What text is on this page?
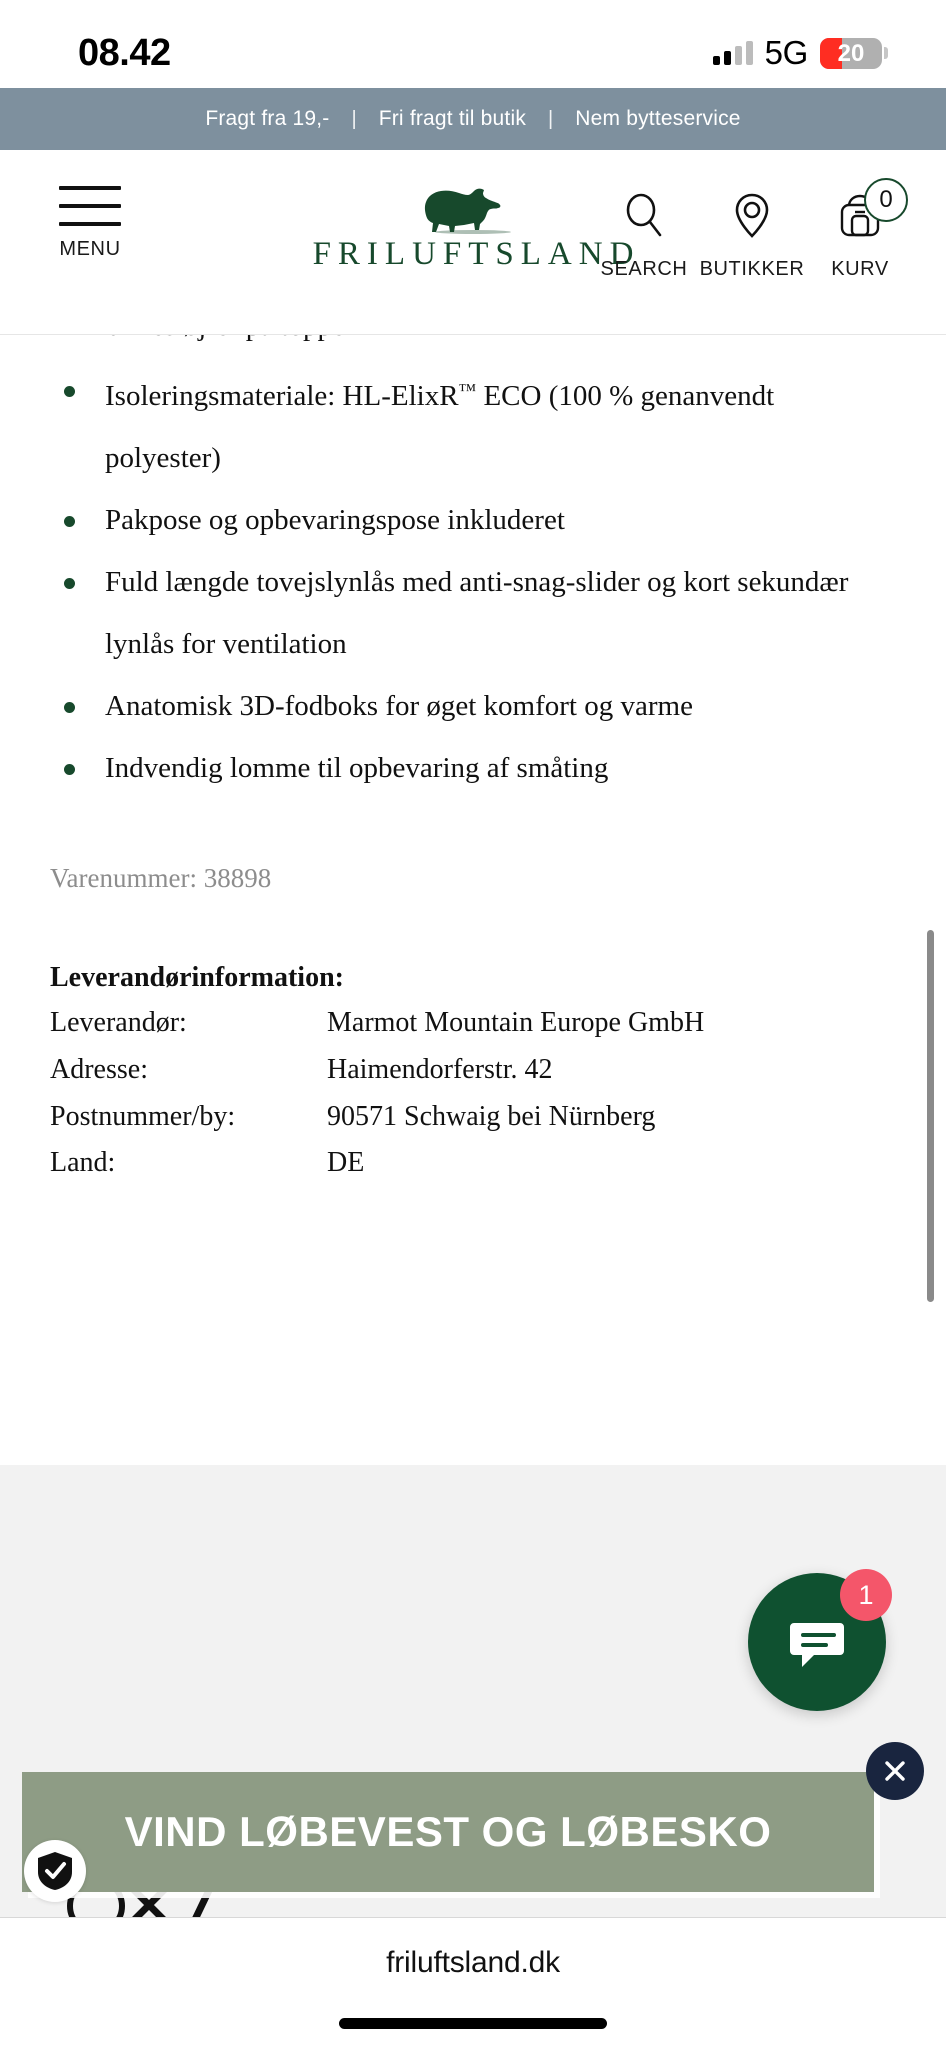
08.42	5G	20
Fragt fra 19,-	|	Fri fragt til butik	|	Nem bytteservice
Isoleringsmateriale: HL-ElixR™ ECO (100 % genanvendt polyester)
Pakpose og opbevaringspose inkluderet
Fuld længde tovejslynlås med anti-snag-slider og kort sekundær lynlås for ventilation
Anatomisk 3D-fodboks for øget komfort og varme
Indvendig lomme til opbevaring af småting
Varenummer: 38898
Leverandørinformation:
Leverandør:	Marmot Mountain Europe GmbH
Adresse:	Haimendorferstr. 42
Postnummer/by:	90571 Schwaig bei Nürnberg
Land:	DE
MENU	FRILUFTSLAND
SEARCH BUTIKKER
0
KURV
1
VIND LØBEVEST OG LØBESKO
friluftsland.dk
